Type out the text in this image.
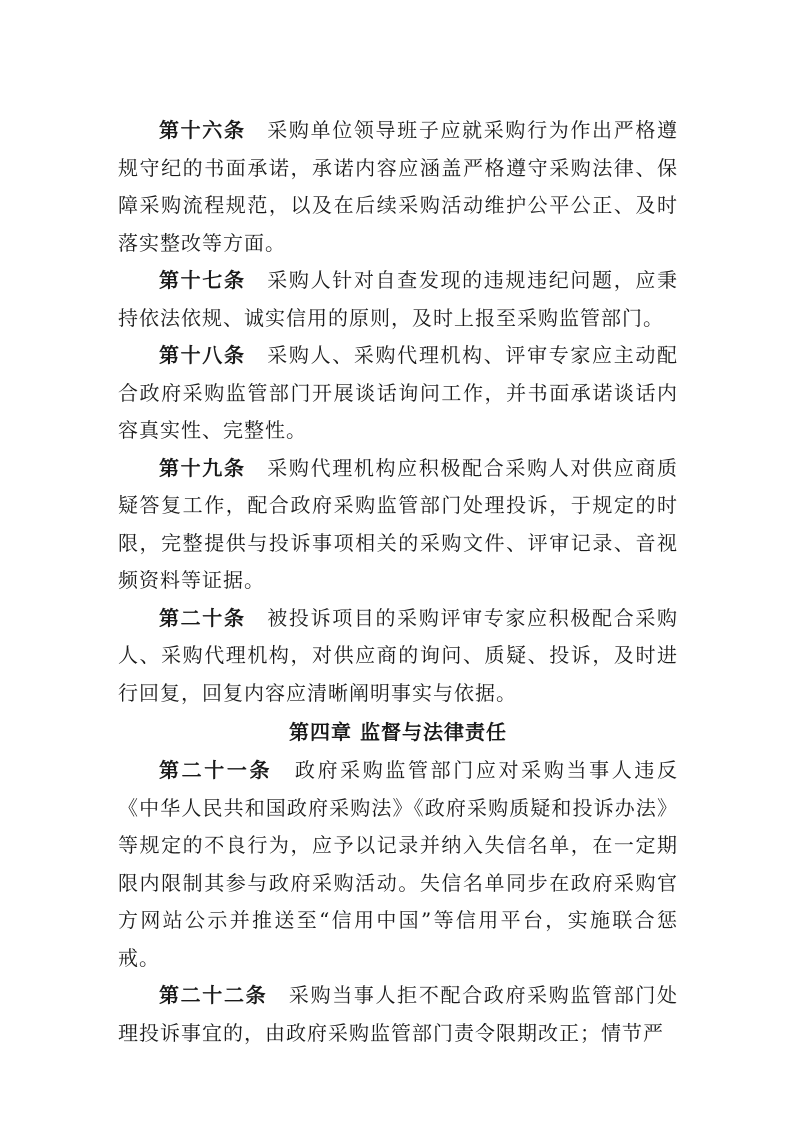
第十六条  采购单位领导班子应就采购行为作出严格遵规守纪的书面承诺，承诺内容应涵盖严格遵守采购法律、保障采购流程规范，以及在后续采购活动维护公平公正、及时落实整改等方面。

第十七条  采购人针对自查发现的违规违纪问题，应秉持依法依规、诚实信用的原则，及时上报至采购监管部门。

第十八条  采购人、采购代理机构、评审专家应主动配合政府采购监管部门开展谈话询问工作，并书面承诺谈话内容真实性、完整性。

第十九条  采购代理机构应积极配合采购人对供应商质疑答复工作，配合政府采购监管部门处理投诉，于规定的时限，完整提供与投诉事项相关的采购文件、评审记录、音视频资料等证据。

第二十条  被投诉项目的采购评审专家应积极配合采购人、采购代理机构，对供应商的询问、质疑、投诉，及时进行回复，回复内容应清晰阐明事实与依据。

第四章 监督与法律责任

第二十一条  政府采购监管部门应对采购当事人违反《中华人民共和国政府采购法》《政府采购质疑和投诉办法》等规定的不良行为，应予以记录并纳入失信名单，在一定期限内限制其参与政府采购活动。失信名单同步在政府采购官方网站公示并推送至“信用中国”等信用平台，实施联合惩戒。

第二十二条  采购当事人拒不配合政府采购监管部门处理投诉事宜的，由政府采购监管部门责令限期改正；情节严
